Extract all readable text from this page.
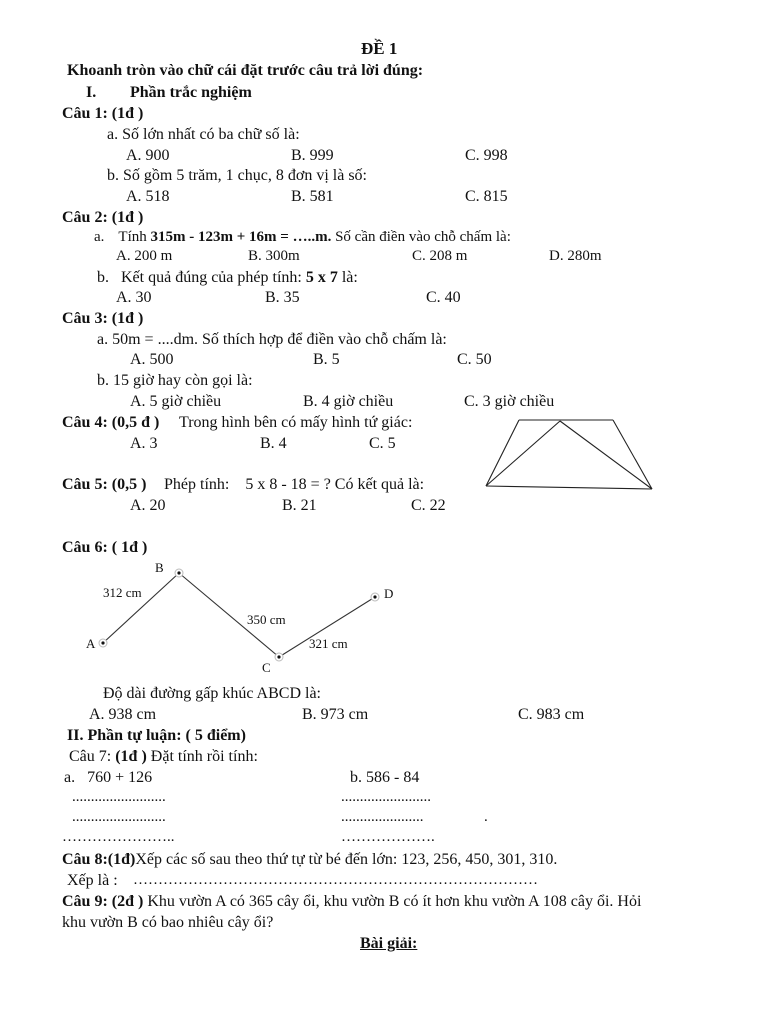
ĐỀ 1
Khoanh tròn vào chữ cái đặt trước câu trả lời đúng:
I. Phần trắc nghiệm
Câu 1: (1đ )
a. Số lớn nhất có ba chữ số là:
A. 900	B. 999	C. 998
b. Số gồm 5 trăm, 1 chục, 8 đơn vị là số:
A. 518	B. 581	C. 815
Câu 2: (1đ )
a. Tính 315m - 123m + 16m = …..m. Số cần điền vào chỗ chấm là:
A. 200 m	B. 300m	C. 208 m	D. 280m
b. Kết quả đúng của phép tính: 5 x 7 là:
A. 30	B. 35	C. 40
Câu 3: (1đ )
a. 50m = ....dm. Số thích hợp để điền vào chỗ chấm là:
A. 500	B. 5	C. 50
b. 15 giờ hay còn gọi là:
A. 5 giờ chiều	B. 4 giờ chiều	C. 3 giờ chiều
Câu 4: (0,5 đ ) Trong hình bên có mấy hình tứ giác:
A. 3	B. 4	C. 5
Câu 5: (0,5 ) Phép tính:    5 x 8 - 18 = ? Có kết quả là:
A. 20	B. 21	C. 22
Câu 6: ( 1đ )
B
312 cm	D
350 cm
A	321 cm
C
Độ dài đường gấp khúc ABCD là:
A. 938 cm	B. 973 cm	C. 983 cm
II. Phần tự luận: ( 5 điểm)
Câu 7: (1đ ) Đặt tính rồi tính:
a.   760 + 126	b. 586 - 84
.........................	........................
.........................	......................	.
…………………..	……………….
Câu 8:(1đ)Xếp các số sau theo thứ tự từ bé đến lớn: 123, 256, 450, 301, 310.
Xếp là : ………………………………………………………………………
Câu 9: (2đ ) Khu vườn A có 365 cây ổi, khu vườn B có ít hơn khu vườn A 108 cây ổi. Hỏi
khu vườn B có bao nhiêu cây ổi?
Bài giải:
